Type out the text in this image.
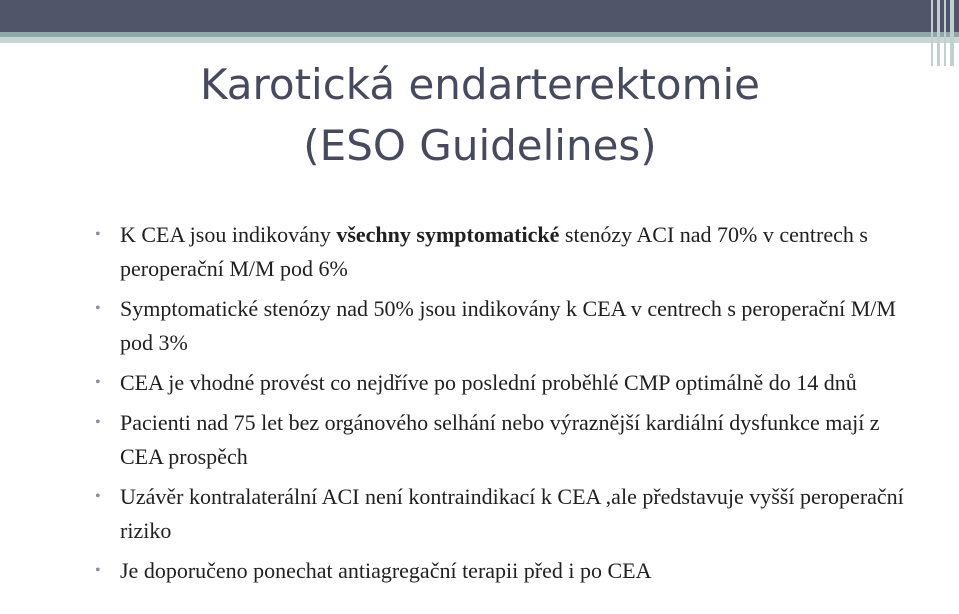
Karotická endarterektomie
(ESO Guidelines)
• K CEA jsou indikovány všechny symptomatické stenózy ACI nad 70% v centrech s peroperační M/M pod 6%
• Symptomatické stenózy nad 50% jsou indikovány k CEA v centrech s peroperační M/M pod 3%
• CEA je vhodné provést co nejdříve po poslední proběhlé CMP optimálně do 14 dnů
• Pacienti nad 75 let bez orgánového selhání nebo výraznější kardiální dysfunkce mají z CEA prospěch
• Uzávěr kontralaterální ACI není kontraindikací k CEA ,ale představuje vyšší peroperační riziko
• Je doporučeno ponechat antiagregační terapii před i po CEA
